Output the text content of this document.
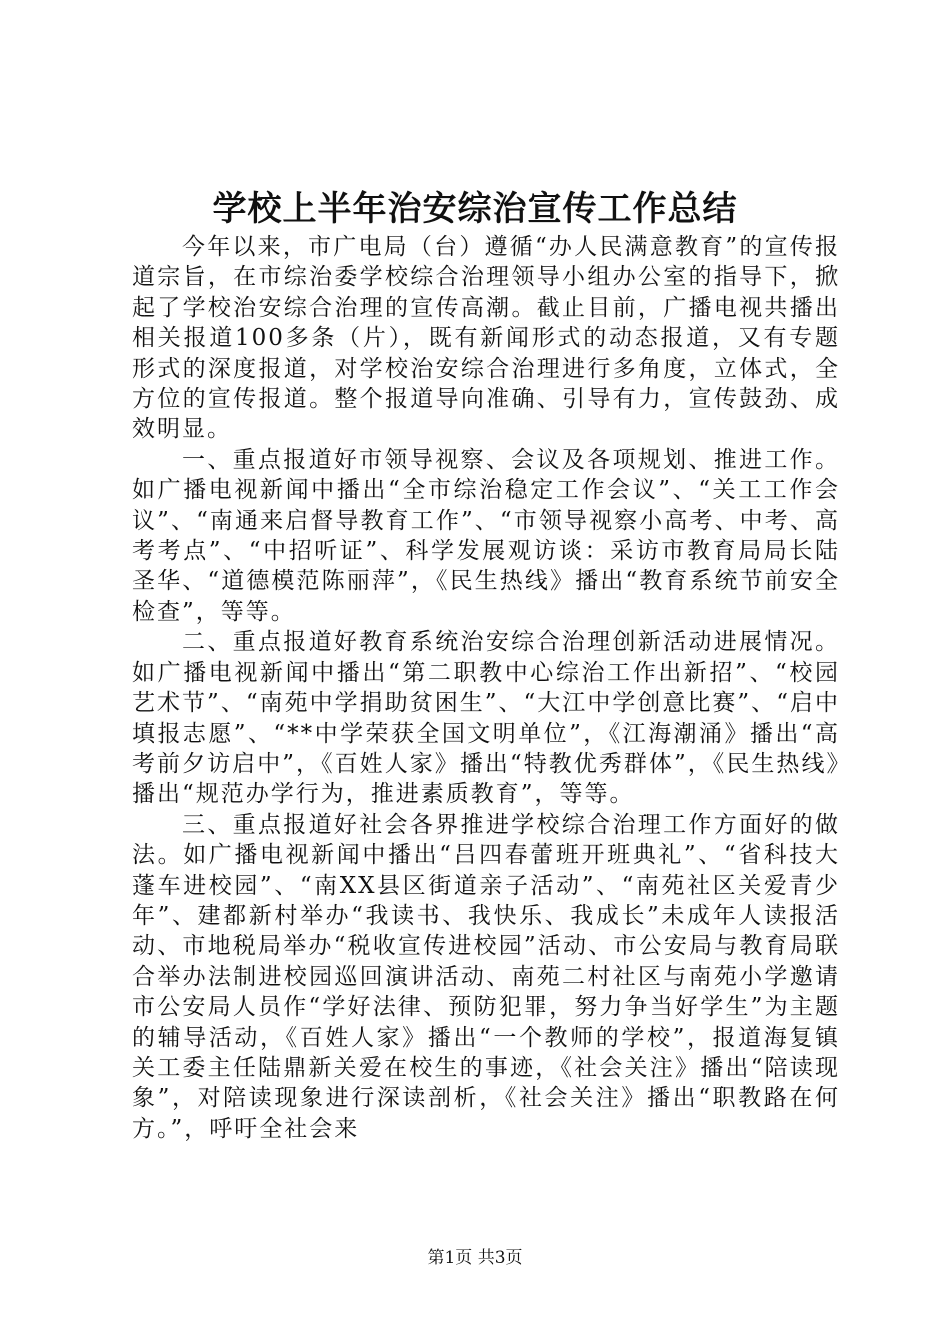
学校上半年治安综治宣传工作总结

今年以来，市广电局（台）遵循“办人民满意教育”的宣传报道宗旨，在市综治委学校综合治理领导小组办公室的指导下，掀起了学校治安综合治理的宣传高潮。截止目前，广播电视共播出相关报道100多条（片），既有新闻形式的动态报道，又有专题形式的深度报道，对学校治安综合治理进行多角度，立体式，全方位的宣传报道。整个报道导向准确、引导有力，宣传鼓劲、成效明显。

一、重点报道好市领导视察、会议及各项规划、推进工作。如广播电视新闻中播出“全市综治稳定工作会议”、“关工工作会议”、“南通来启督导教育工作”、“市领导视察小高考、中考、高考考点”、“中招听证”、科学发展观访谈：采访市教育局局长陆圣华、“道德模范陈丽萍”，《民生热线》播出“教育系统节前安全检查”，等等。

二、重点报道好教育系统治安综合治理创新活动进展情况。如广播电视新闻中播出“第二职教中心综治工作出新招”、“校园艺术节”、“南苑中学捐助贫困生”、“大江中学创意比赛”、“启中填报志愿”、“**中学荣获全国文明单位”，《江海潮涌》播出“高考前夕访启中”，《百姓人家》播出“特教优秀群体”，《民生热线》播出“规范办学行为，推进素质教育”，等等。

三、重点报道好社会各界推进学校综合治理工作方面好的做法。如广播电视新闻中播出“吕四春蕾班开班典礼”、“省科技大蓬车进校园”、“南XX县区街道亲子活动”、“南苑社区关爱青少年”、建都新村举办“我读书、我快乐、我成长”未成年人读报活动、市地税局举办“税收宣传进校园”活动、市公安局与教育局联合举办法制进校园巡回演讲活动、南苑二村社区与南苑小学邀请市公安局人员作“学好法律、预防犯罪，努力争当好学生”为主题的辅导活动，《百姓人家》播出“一个教师的学校”，报道海复镇关工委主任陆鼎新关爱在校生的事迹，《社会关注》播出“陪读现象”，对陪读现象进行深读剖析，《社会关注》播出“职教路在何方。”，呼吁全社会来

第1页 共3页
